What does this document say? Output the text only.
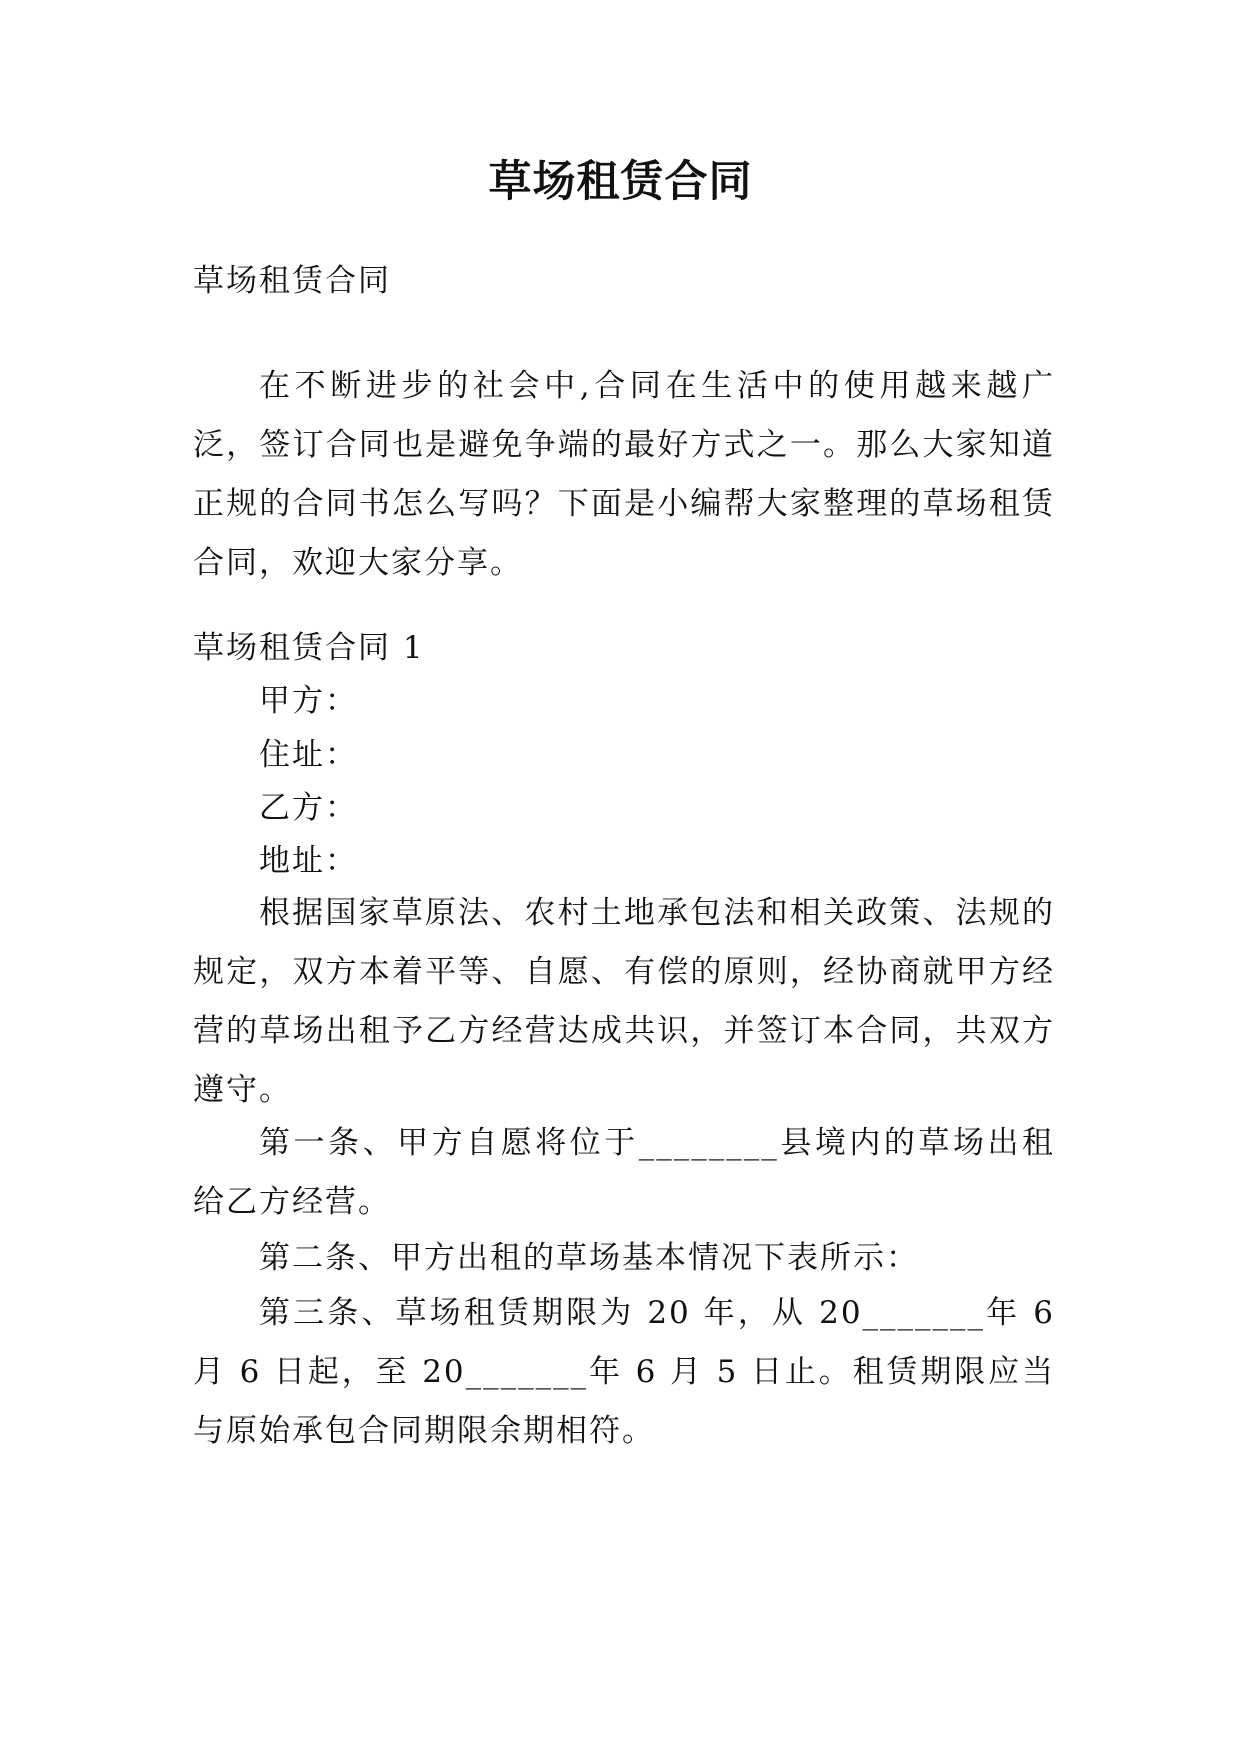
草场租赁合同
草场租赁合同
在不断进步的社会中,合同在生活中的使用越来越广泛，签订合同也是避免争端的最好方式之一。那么大家知道正规的合同书怎么写吗？下面是小编帮大家整理的草场租赁合同，欢迎大家分享。
草场租赁合同 1
甲方：
住址：
乙方：
地址：
根据国家草原法、农村土地承包法和相关政策、法规的规定，双方本着平等、自愿、有偿的原则，经协商就甲方经营的草场出租予乙方经营达成共识，并签订本合同，共双方遵守。
第一条、甲方自愿将位于________县境内的草场出租给乙方经营。
第二条、甲方出租的草场基本情况下表所示：
第三条、草场租赁期限为 20 年，从 20_______年 6 月 6 日起，至 20_______年 6 月 5 日止。租赁期限应当与原始承包合同期限余期相符。
